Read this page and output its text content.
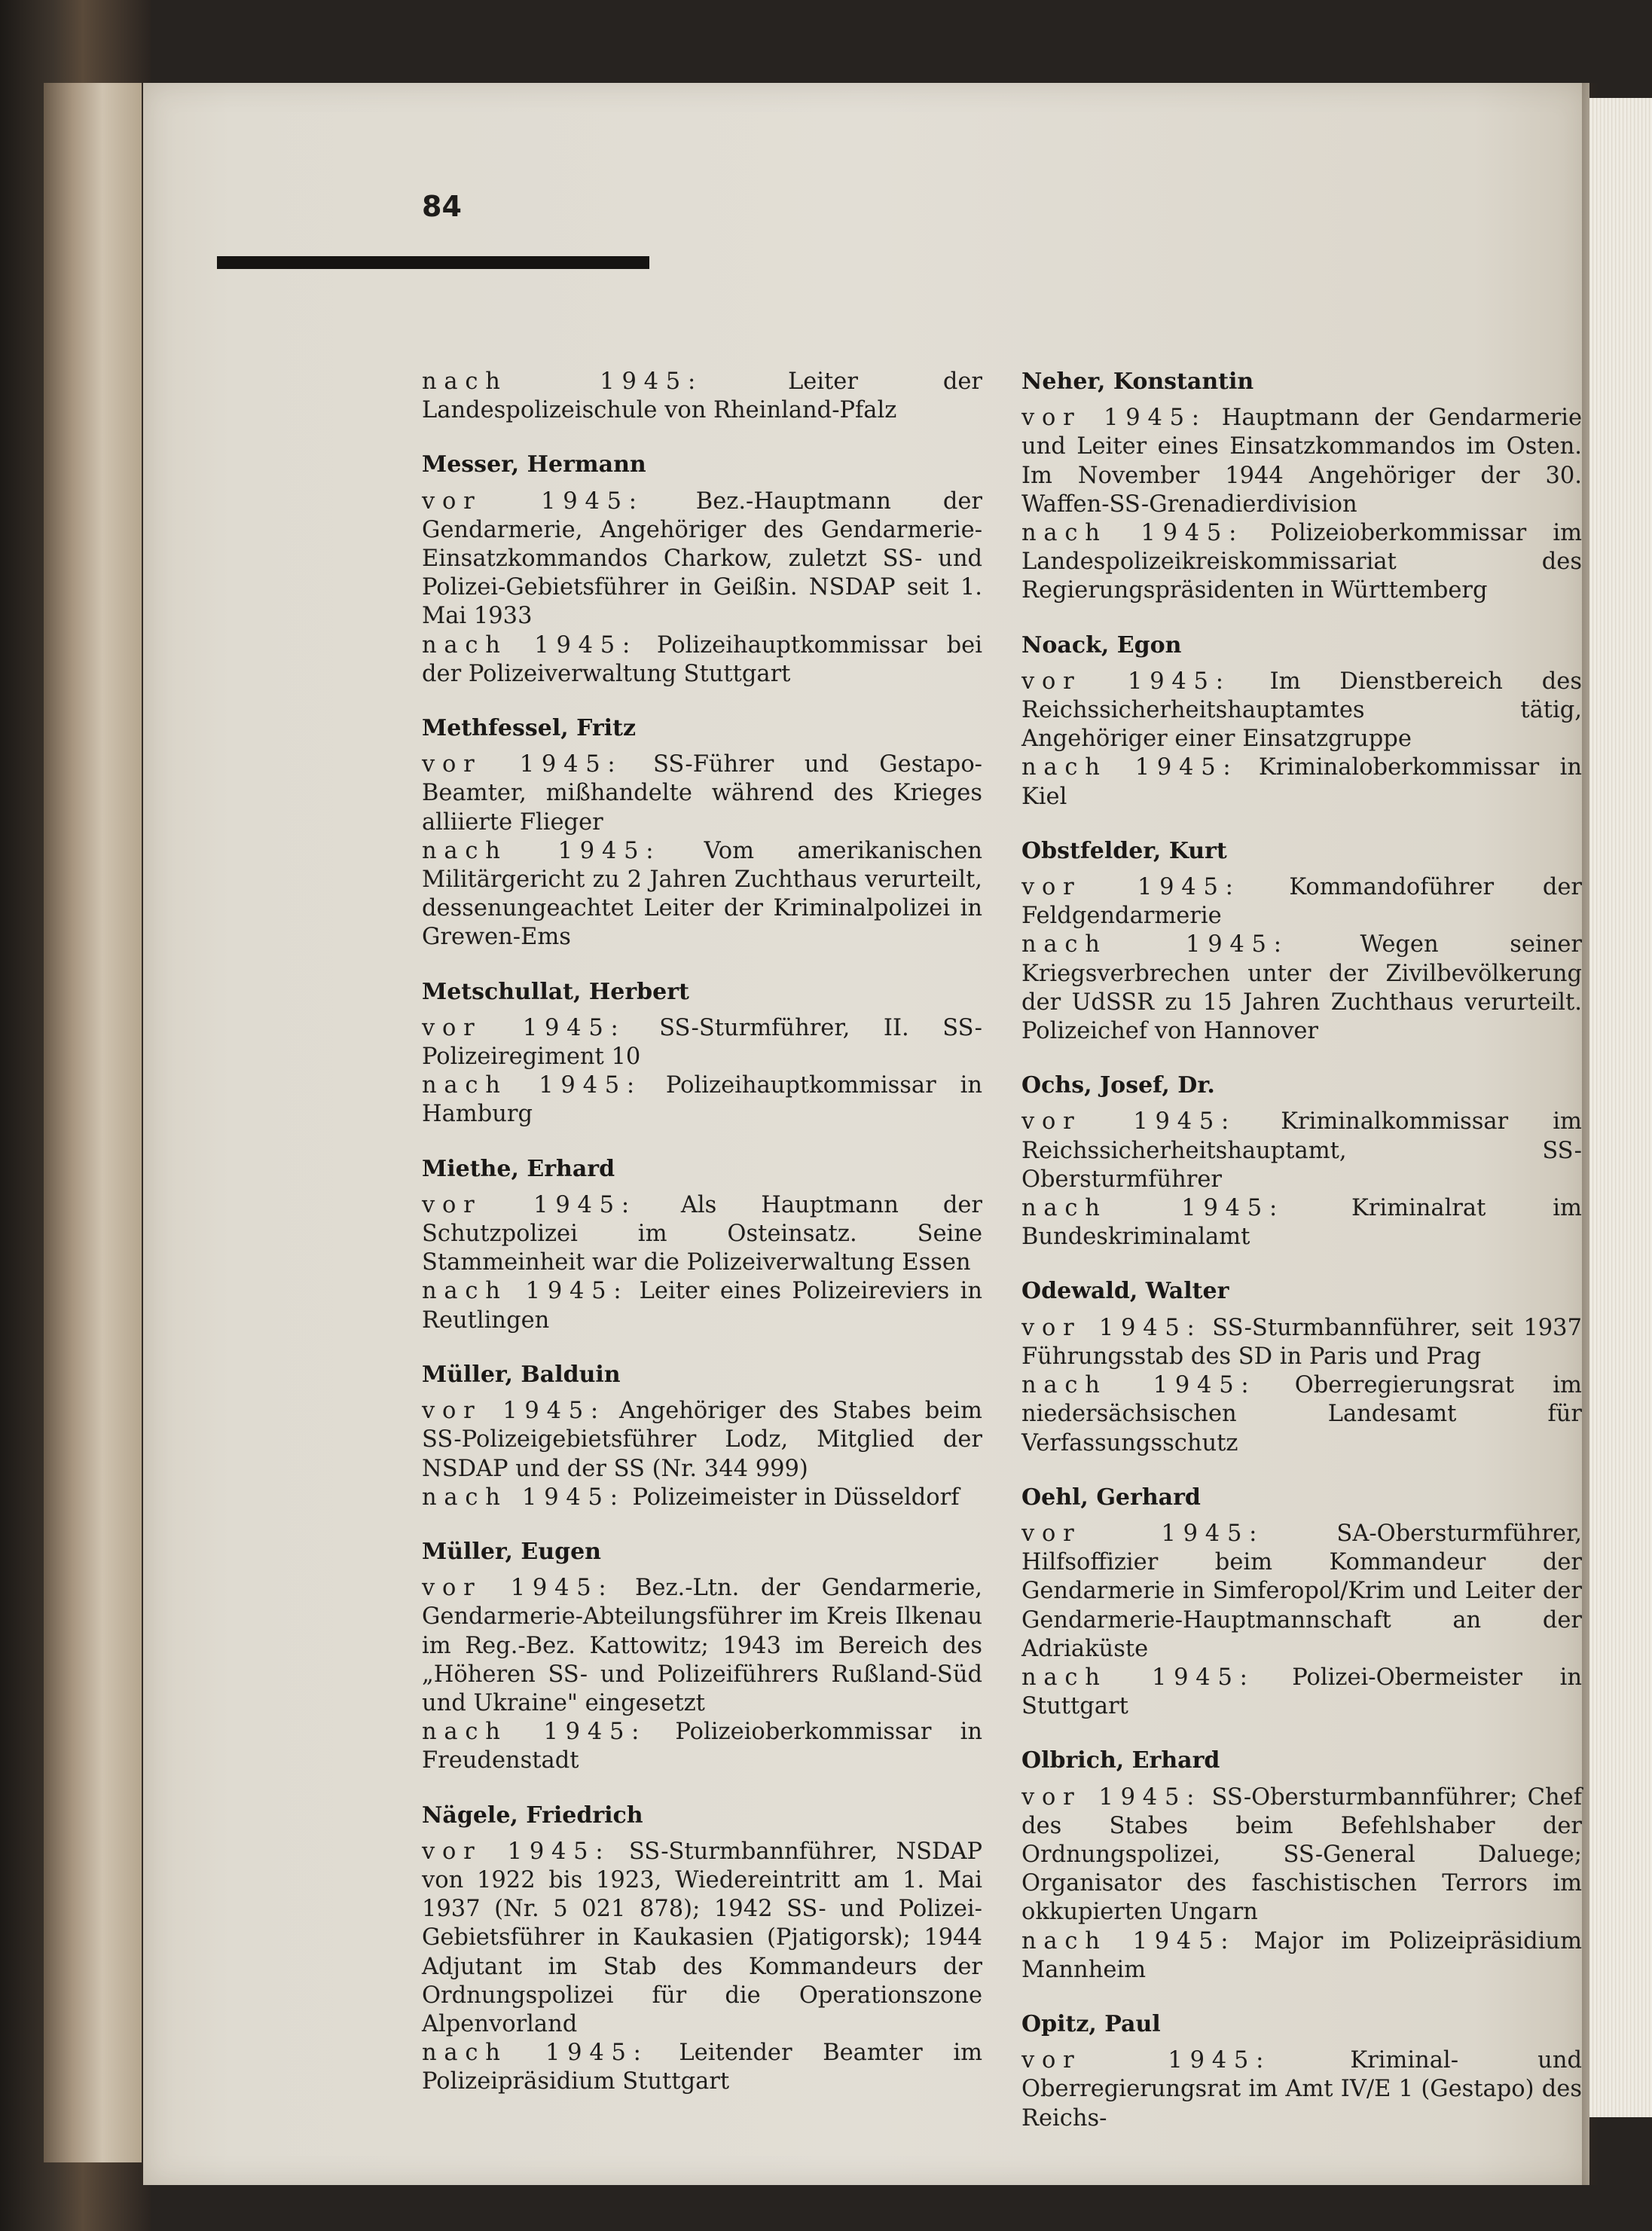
84

nach 1945:	Leiter der Landespolizeischule von Rheinland-Pfalz

Messer, Hermann

vor 1945: Bez.-Hauptmann der Gendarmerie, Angehöriger des Gendarmerie-Einsatzkommandos Charkow, zuletzt SS- und Polizei-Gebietsführer in Geißin. NSDAP seit 1. Mai 1933

nach 1945: Polizeihauptkommissar bei der Polizeiverwaltung Stuttgart

Methfessel, Fritz

vor 1945: SS-Führer und Gestapo-Beamter, mißhandelte während des Krieges alliierte Flieger

nach 1945: Vom amerikanischen Militärgericht zu 2 Jahren Zuchthaus verurteilt, dessenungeachtet Leiter der Kriminalpolizei in Grewen-Ems

Metschullat, Herbert

vor 1945: SS-Sturmführer, II. SS-Polizeiregiment 10

nach 1945: Polizeihauptkommissar in Hamburg

Miethe, Erhard

vor 1945: Als Hauptmann der Schutzpolizei im Osteinsatz. Seine Stammeinheit war die Polizeiverwaltung Essen

nach 1945: Leiter eines Polizeireviers in Reutlingen

Müller, Balduin

vor 1945: Angehöriger des Stabes beim SS-Polizeigebietsführer Lodz, Mitglied der NSDAP und der SS (Nr. 344 999)

nach 1945: Polizeimeister in Düsseldorf

Müller, Eugen

vor 1945: Bez.-Ltn. der Gendarmerie, Gendarmerie-Abteilungsführer im Kreis Ilkenau im Reg.-Bez. Kattowitz; 1943 im Bereich des „Höheren SS- und Polizeiführers Rußland-Süd und Ukraine" eingesetzt

nach 1945: Polizeioberkommissar in Freudenstadt

Nägele, Friedrich

vor 1945: SS-Sturmbannführer, NSDAP von 1922 bis 1923, Wiedereintritt am 1. Mai 1937 (Nr. 5 021 878); 1942 SS- und Polizei-Gebietsführer in Kaukasien (Pjatigorsk); 1944 Adjutant im Stab des Kommandeurs der Ordnungspolizei für die Operationszone Alpenvorland

nach 1945: Leitender Beamter im Polizeipräsidium Stuttgart

Neher, Konstantin

vor 1945: Hauptmann der Gendarmerie und Leiter eines Einsatzkommandos im Osten. Im November 1944 Angehöriger der 30. Waffen-SS-Grenadierdivision

nach 1945: Polizeioberkommissar im Landespolizeikreiskommissariat des Regierungspräsidenten in Württemberg

Noack, Egon

vor 1945: Im Dienstbereich des Reichssicherheitshauptamtes tätig, Angehöriger einer Einsatzgruppe

nach 1945: Kriminaloberkommissar in Kiel

Obstfelder, Kurt

vor 1945: Kommandoführer der Feldgendarmerie

nach 1945:	Wegen seiner Kriegsverbrechen unter der Zivilbevölkerung der UdSSR zu 15 Jahren Zuchthaus verurteilt. Polizeichef von Hannover

Ochs, Josef, Dr.

vor 1945: Kriminalkommissar im Reichssicherheitshauptamt, SS-Obersturmführer

nach 1945:	Kriminalrat im Bundeskriminalamt

Odewald, Walter

vor 1945: SS-Sturmbannführer, seit 1937 Führungsstab des SD in Paris und Prag

nach 1945: Oberregierungsrat im niedersächsischen Landesamt für Verfassungsschutz

Oehl, Gerhard

vor 1945:	SA-Obersturmführer, Hilfsoffizier beim Kommandeur der Gendarmerie in Simferopol/Krim und Leiter der Gendarmerie-Hauptmannschaft an der Adriaküste

nach 1945: Polizei-Obermeister in Stuttgart

Olbrich, Erhard

vor 1945: SS-Obersturmbannführer; Chef des Stabes beim Befehlshaber der Ordnungspolizei, SS-General Daluege; Organisator des faschistischen Terrors im okkupierten Ungarn

nach 1945: Major im Polizeipräsidium Mannheim

Opitz, Paul

vor 1945:	Kriminal- und Oberregierungsrat im Amt IV/E 1 (Gestapo) des Reichs-
